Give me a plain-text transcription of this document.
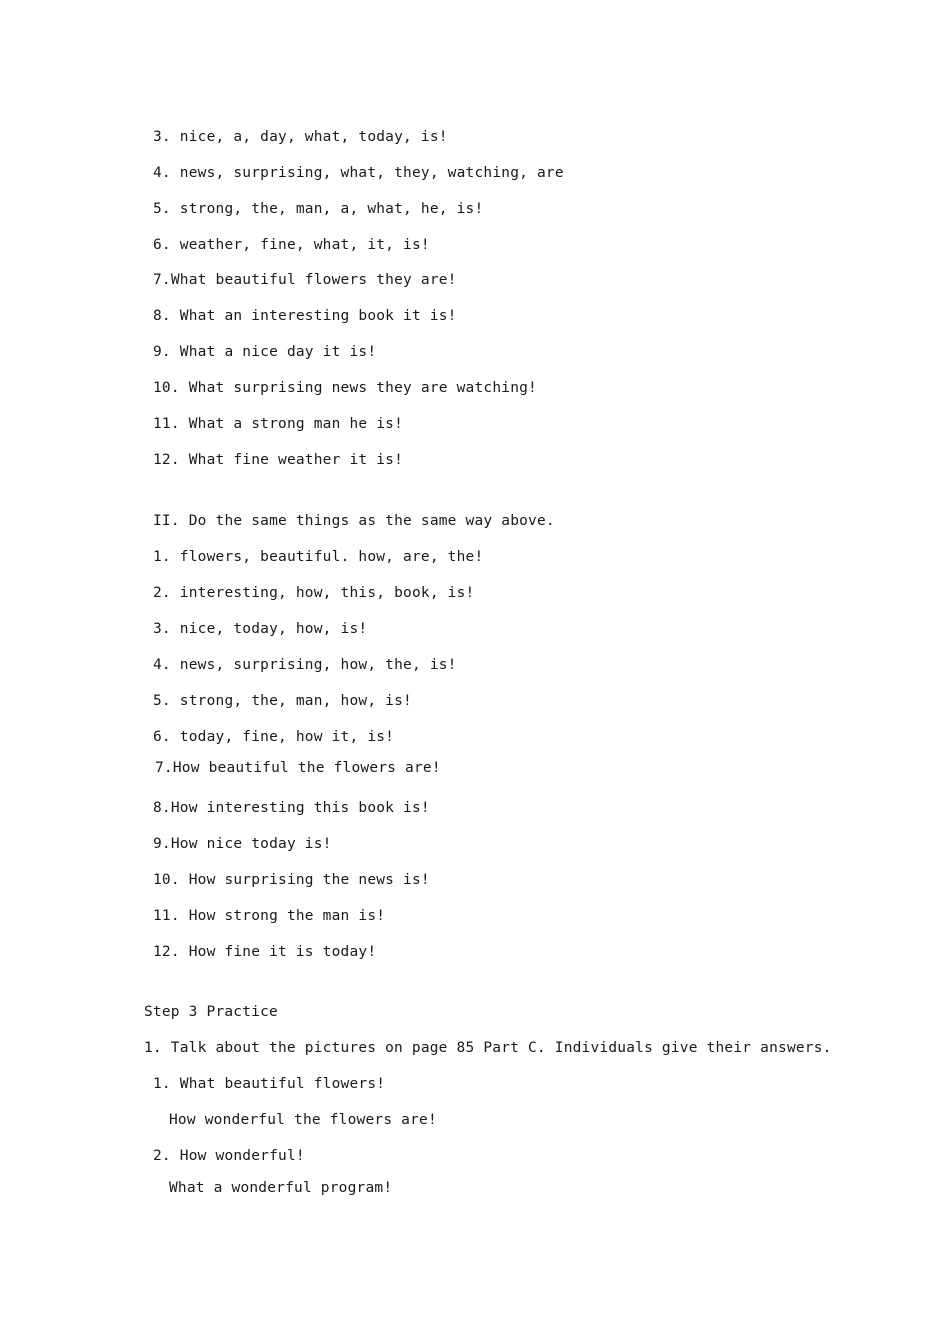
3. nice, a, day, what, today, is!
4. news, surprising, what, they, watching, are
5. strong, the, man, a, what, he, is!
6. weather, fine, what, it, is!
7.What beautiful flowers they are!
8. What an interesting book it is!
9. What a nice day it is!
10. What surprising news they are watching!
11. What a strong man he is!
12. What fine weather it is!
II. Do the same things as the same way above.
1. flowers, beautiful. how, are, the!
2. interesting, how, this, book, is!
3. nice, today, how, is!
4. news, surprising, how, the, is!
5. strong, the, man, how, is!
6. today, fine, how it, is!
7.How beautiful the flowers are!
8.How interesting this book is!
9.How nice today is!
10. How surprising the news is!
11. How strong the man is!
12. How fine it is today!
Step 3 Practice
1. Talk about the pictures on page 85 Part C. Individuals give their answers.
1. What beautiful flowers!
How wonderful the flowers are!
2. How wonderful!
What a wonderful program!
